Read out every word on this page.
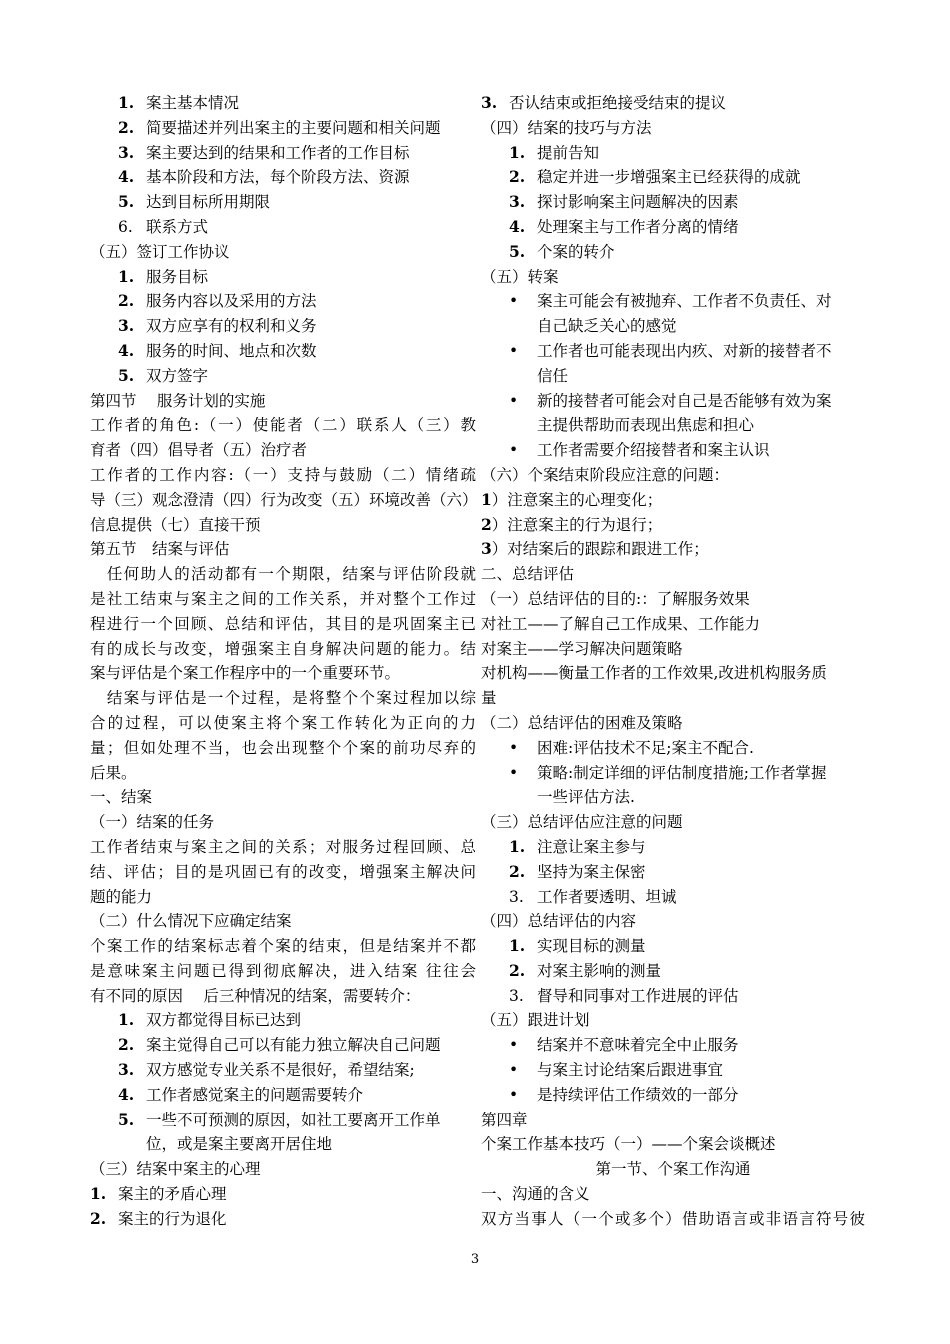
1. 案主基本情况
2. 简要描述并列出案主的主要问题和相关问题
3. 案主要达到的结果和工作者的工作目标
4. 基本阶段和方法，每个阶段方法、资源
5. 达到目标所用期限
6. 联系方式
（五）签订工作协议
1. 服务目标
2. 服务内容以及采用的方法
3. 双方应享有的权利和义务
4. 服务的时间、地点和次数
5. 双方签字
第四节　 服务计划的实施
工作者的角色:（一）使能者（二）联系人（三）教
育者（四）倡导者（五）治疗者
工作者的工作内容:（一）支持与鼓励（二）情绪疏
导（三）观念澄清（四）行为改变（五）环境改善（六）
信息提供（七）直接干预
第五节　结案与评估
　任何助人的活动都有一个期限，结案与评估阶段就
是社工结束与案主之间的工作关系，并对整个工作过
程进行一个回顾、总结和评估，其目的是巩固案主已
有的成长与改变，增强案主自身解决问题的能力。结
案与评估是个案工作程序中的一个重要环节。
　结案与评估是一个过程，是将整个个案过程加以综
合的过程，可以使案主将个案工作转化为正向的力
量；但如处理不当，也会出现整个个案的前功尽弃的
后果。
一、结案
（一）结案的任务
工作者结束与案主之间的关系；对服务过程回顾、总
结、评估；目的是巩固已有的改变，增强案主解决问
题的能力
（二）什么情况下应确定结案
个案工作的结案标志着个案的结束，但是结案并不都
是意味案主问题已得到彻底解决，进入结案 往往会
有不同的原因 　后三种情况的结案，需要转介：
1. 双方都觉得目标已达到
2. 案主觉得自己可以有能力独立解决自己问题
3. 双方感觉专业关系不是很好，希望结案;
4. 工作者感觉案主的问题需要转介
5. 一些不可预测的原因，如社工要离开工作单
位，或是案主要离开居住地
（三）结案中案主的心理
1. 案主的矛盾心理
2. 案主的行为退化
3. 否认结束或拒绝接受结束的提议
（四）结案的技巧与方法
1. 提前告知
2. 稳定并进一步增强案主已经获得的成就
3. 探讨影响案主问题解决的因素
4. 处理案主与工作者分离的情绪
5. 个案的转介
（五）转案
• 案主可能会有被抛弃、工作者不负责任、对
自己缺乏关心的感觉
• 工作者也可能表现出内疚、对新的接替者不
信任
• 新的接替者可能会对自己是否能够有效为案
主提供帮助而表现出焦虑和担心
• 工作者需要介绍接替者和案主认识
（六）个案结束阶段应注意的问题：
1）注意案主的心理变化；
2）注意案主的行为退行；
3）对结案后的跟踪和跟进工作；
二、总结评估
（一）总结评估的目的:：了解服务效果
对社工——了解自己工作成果、工作能力
对案主——学习解决问题策略
对机构——衡量工作者的工作效果,改进机构服务质
量
（二）总结评估的困难及策略
• 困难:评估技术不足;案主不配合.
• 策略:制定详细的评估制度措施;工作者掌握
一些评估方法.
（三）总结评估应注意的问题
1. 注意让案主参与
2. 坚持为案主保密
3. 工作者要透明、坦诚
（四）总结评估的内容
1. 实现目标的测量
2. 对案主影响的测量
3. 督导和同事对工作进展的评估
（五）跟进计划
• 结案并不意味着完全中止服务
• 与案主讨论结案后跟进事宜
• 是持续评估工作绩效的一部分
第四章
个案工作基本技巧（一）——个案会谈概述
第一节、个案工作沟通
一、沟通的含义
双方当事人（一个或多个）借助语言或非语言符号彼
3
